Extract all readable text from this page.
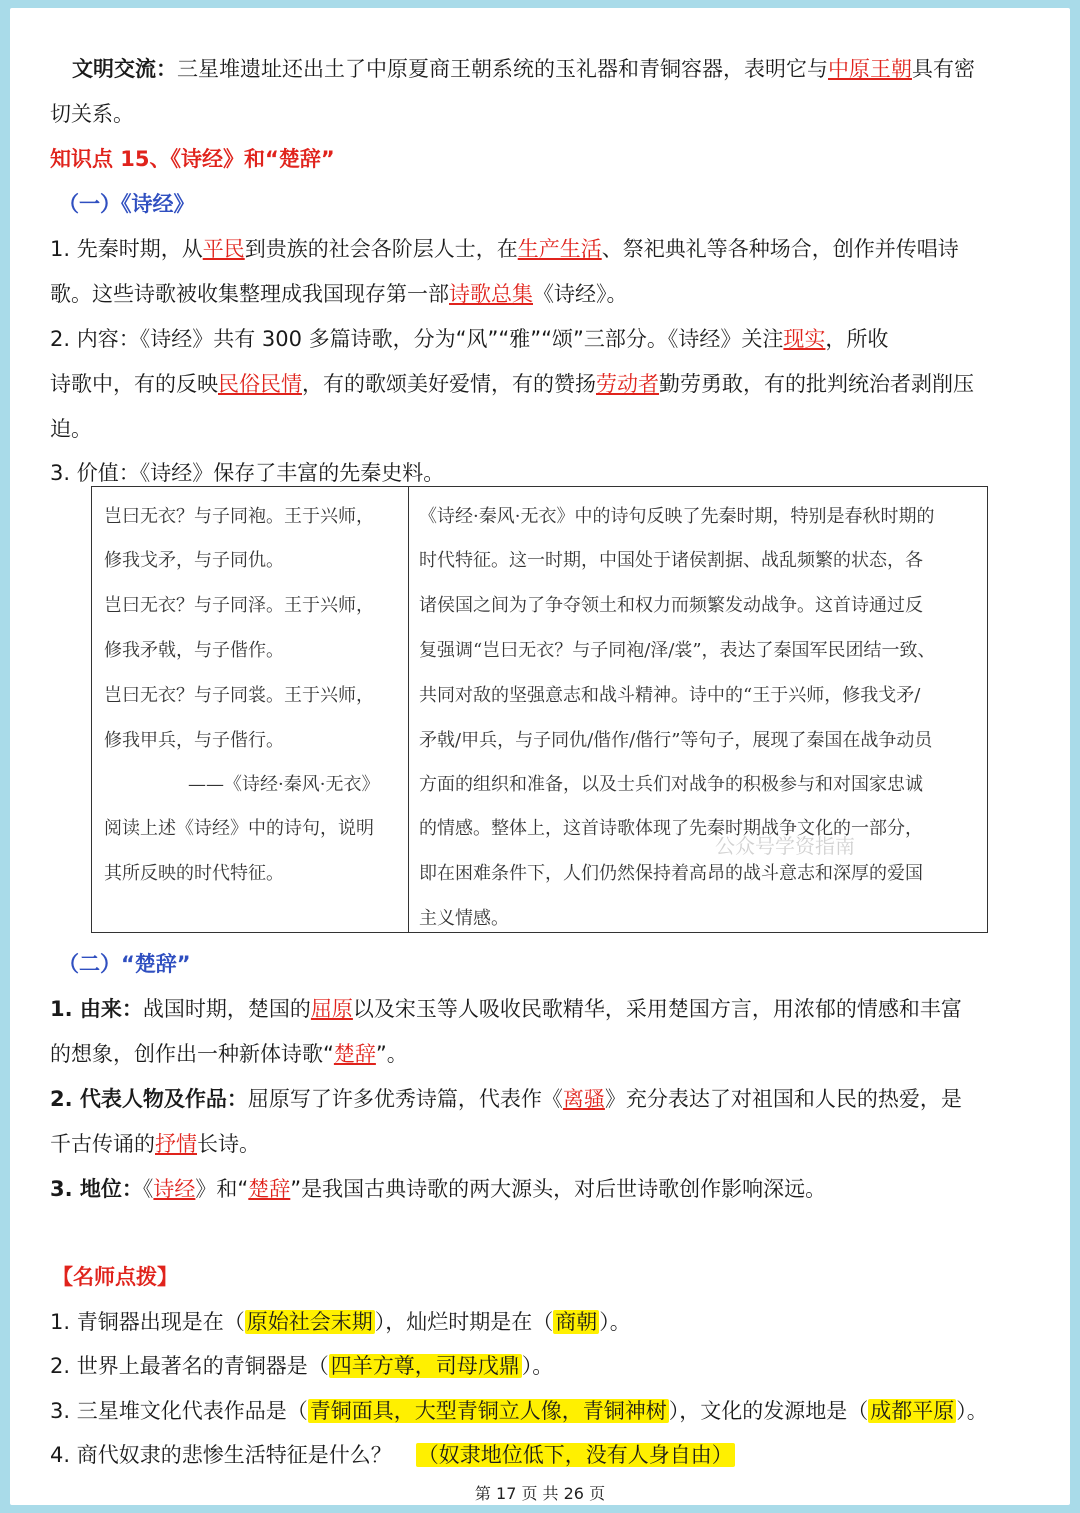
文明交流：三星堆遗址还出土了中原夏商王朝系统的玉礼器和青铜容器，表明它与中原王朝具有密
切关系。
知识点 15、《诗经》和“楚辞”
（一）《诗经》
1. 先秦时期，从平民到贵族的社会各阶层人士，在生产生活、祭祀典礼等各种场合，创作并传唱诗
歌。这些诗歌被收集整理成我国现存第一部诗歌总集《诗经》。
2. 内容：《诗经》共有 300 多篇诗歌，分为“风”“雅”“颂”三部分。《诗经》关注现实，所收
诗歌中，有的反映民俗民情，有的歌颂美好爱情，有的赞扬劳动者勤劳勇敢，有的批判统治者剥削压
迫。
3. 价值：《诗经》保存了丰富的先秦史料。
岂曰无衣？与子同袍。王于兴师，
修我戈矛，与子同仇。
岂曰无衣？与子同泽。王于兴师，
修我矛戟，与子偕作。
岂曰无衣？与子同裳。王于兴师，
修我甲兵，与子偕行。
——《诗经·秦风·无衣》
阅读上述《诗经》中的诗句，说明
其所反映的时代特征。

《诗经·秦风·无衣》中的诗句反映了先秦时期，特别是春秋时期的
时代特征。这一时期，中国处于诸侯割据、战乱频繁的状态，各
诸侯国之间为了争夺领土和权力而频繁发动战争。这首诗通过反
复强调“岂曰无衣？与子同袍/泽/裳”，表达了秦国军民团结一致、
共同对敌的坚强意志和战斗精神。诗中的“王于兴师，修我戈矛/
矛戟/甲兵，与子同仇/偕作/偕行”等句子，展现了秦国在战争动员
方面的组织和准备，以及士兵们对战争的积极参与和对国家忠诚
的情感。整体上，这首诗歌体现了先秦时期战争文化的一部分，
即在困难条件下，人们仍然保持着高昂的战斗意志和深厚的爱国
主义情感。
公众号学资指南
（二）“楚辞”
1. 由来：战国时期，楚国的屈原以及宋玉等人吸收民歌精华，采用楚国方言，用浓郁的情感和丰富
的想象，创作出一种新体诗歌“楚辞”。
2. 代表人物及作品：屈原写了许多优秀诗篇，代表作《离骚》充分表达了对祖国和人民的热爱，是
千古传诵的抒情长诗。
3. 地位：《诗经》和“楚辞”是我国古典诗歌的两大源头，对后世诗歌创作影响深远。
【名师点拨】
1. 青铜器出现是在（原始社会末期），灿烂时期是在（商朝）。
2. 世界上最著名的青铜器是（四羊方尊，司母戊鼎）。
3. 三星堆文化代表作品是（青铜面具，大型青铜立人像，青铜神树），文化的发源地是（成都平原）。
4. 商代奴隶的悲惨生活特征是什么？ （奴隶地位低下，没有人身自由）
第 17 页 共 26 页
